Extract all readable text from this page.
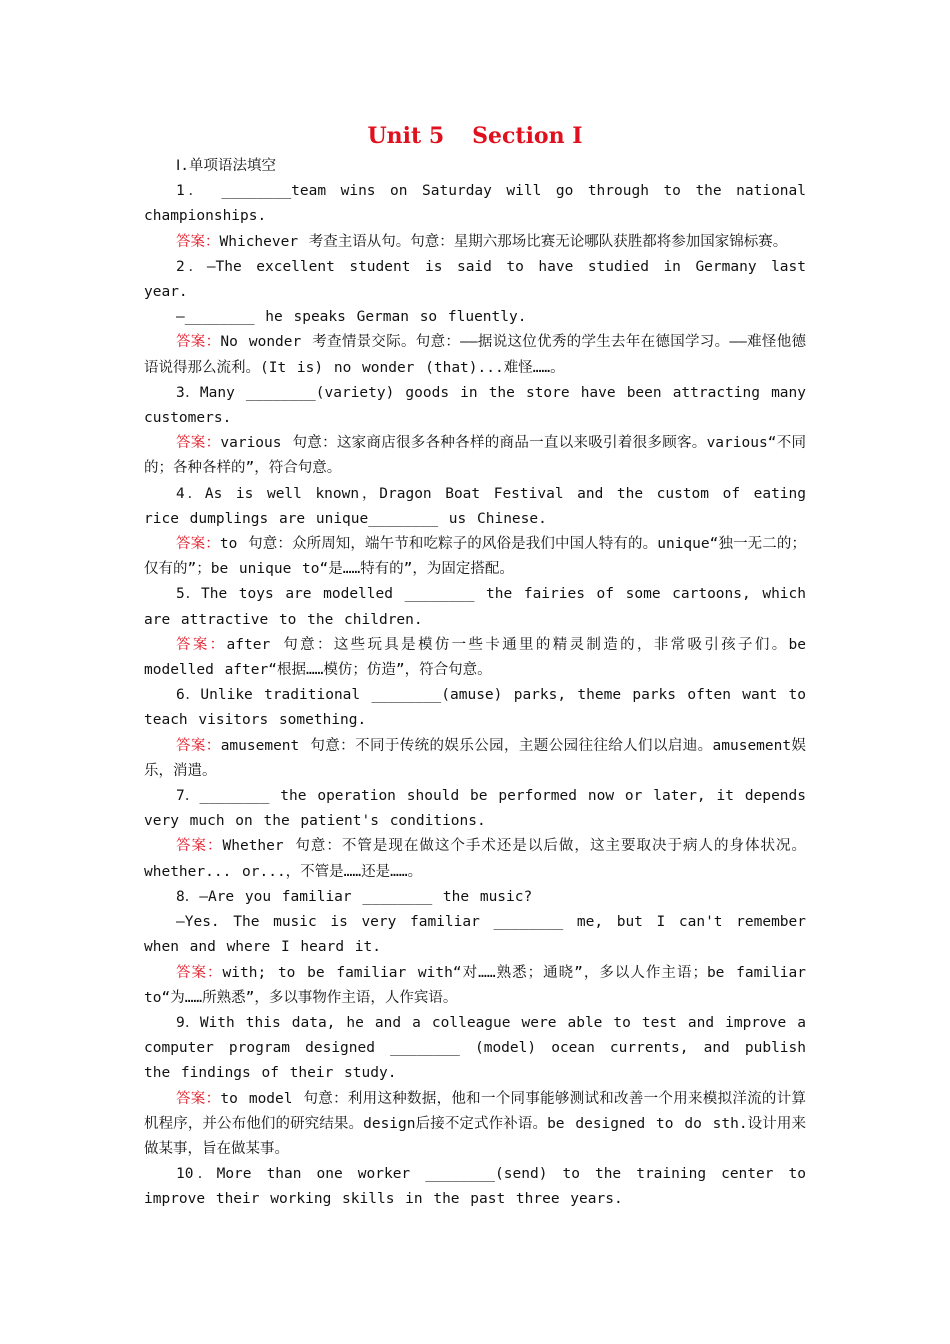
Unit 5 Section Ⅰ

Ⅰ.单项语法填空

1． ________team wins on Saturday will go through to the national championships.

答案：Whichever 考查主语从句。句意：星期六那场比赛无论哪队获胜都将参加国家锦标赛。

2．—The excellent student is said to have studied in Germany last year.

—________ he speaks German so fluently.

答案：No wonder 考查情景交际。句意：——据说这位优秀的学生去年在德国学习。——难怪他德语说得那么流利。(It is) no wonder (that)...难怪……。

3．Many ________(variety) goods in the store have been attracting many customers.

答案：various 句意：这家商店很多各种各样的商品一直以来吸引着很多顾客。various“不同的；各种各样的”，符合句意。

4．As is well known，Dragon Boat Festival and the custom of eating rice dumplings are unique________ us Chinese.

答案：to 句意：众所周知，端午节和吃粽子的风俗是我们中国人特有的。unique“独一无二的；仅有的”；be unique to“是……特有的”，为固定搭配。

5．The toys are modelled ________ the fairies of some cartoons, which are attractive to the children.

答案：after 句意：这些玩具是模仿一些卡通里的精灵制造的，非常吸引孩子们。be modelled after“根据……模仿；仿造”，符合句意。

6．Unlike traditional ________(amuse) parks, theme parks often want to teach visitors something.

答案：amusement 句意：不同于传统的娱乐公园，主题公园往往给人们以启迪。amusement娱乐，消遣。

7．________ the operation should be performed now or later, it depends very much on the patient's conditions.

答案：Whether 句意：不管是现在做这个手术还是以后做，这主要取决于病人的身体状况。whether... or...，不管是……还是……。

8．—Are you familiar ________ the music?

—Yes. The music is very familiar ________ me, but I can't remember when and where I heard it.

答案：with; to be familiar with“对……熟悉；通晓”，多以人作主语；be familiar to“为……所熟悉”，多以事物作主语，人作宾语。

9．With this data, he and a colleague were able to test and improve a computer program designed ________ (model) ocean currents, and publish the findings of their study.

答案：to model 句意：利用这种数据，他和一个同事能够测试和改善一个用来模拟洋流的计算机程序，并公布他们的研究结果。design后接不定式作补语。be designed to do sth.设计用来做某事，旨在做某事。

10．More than one worker ________(send) to the training center to improve their working skills in the past three years.
